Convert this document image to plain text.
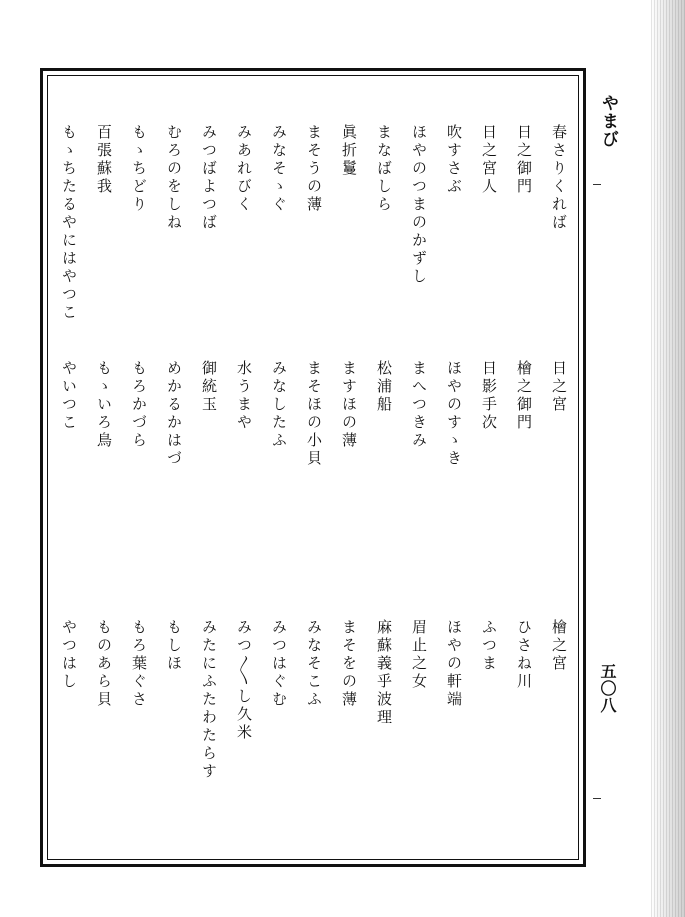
やまび
五〇八
春さりくれば
日之宮
檜之宮
日之御門
檜之御門
ひさね川
日之宮人
日影手次
ふつま
吹すさぶ
ほやのすゝき
ほやの軒端
ほやのつまのかずし
まへつきみ
眉止之女
まなばしら
松浦船
麻蘇義乎波理
眞折鬘
ますほの薄
まそをの薄
まそうの薄
まそほの小貝
みなそこふ
みなそゝぐ
みなしたふ
みつはぐむ
みあれびく
水うまや
みつ〳〵し久米
みつばよつば
御統玉
みたにふたわたらす
むろのをしね
めかるかはづ
もしほ
もゝちどり
もろかづら
もろ葉ぐさ
百張蘇我
もゝいろ鳥
ものあら貝
もゝちたるやにはやつこ
やいつこ
やつはし
